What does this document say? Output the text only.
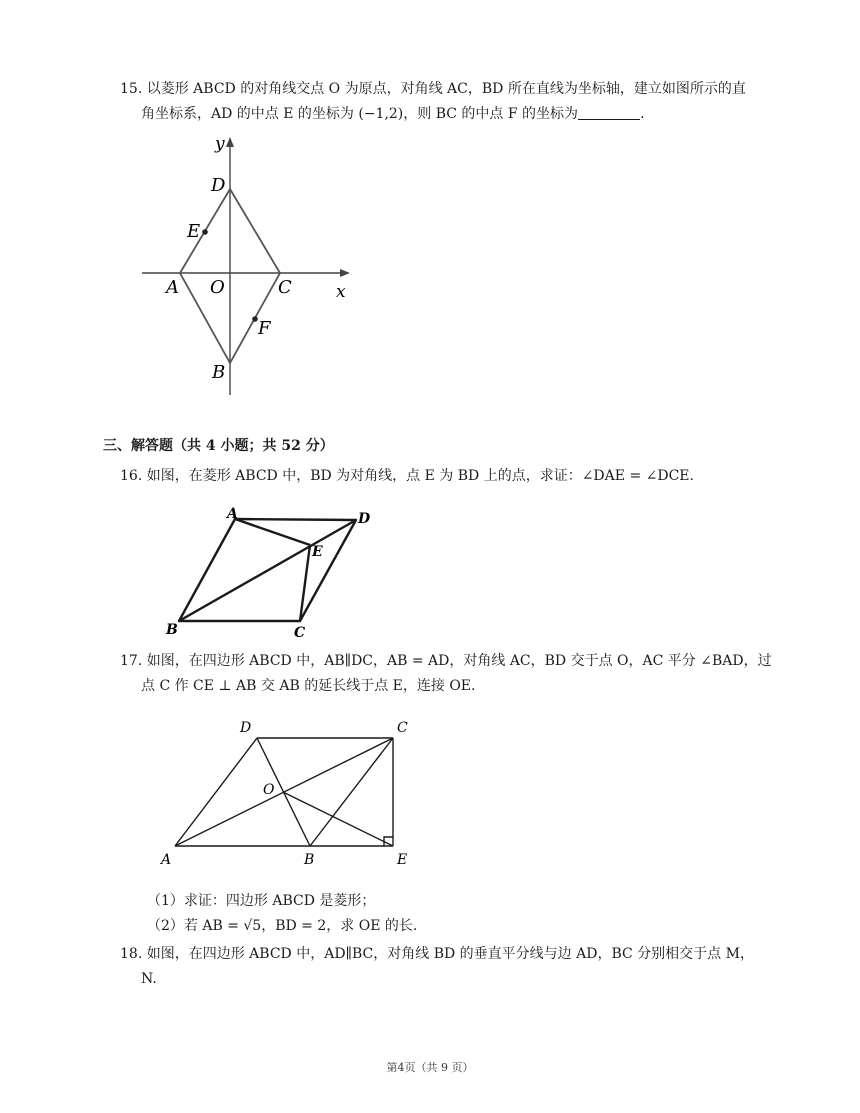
15. 以菱形 ABCD 的对角线交点 O 为原点，对角线 AC，BD 所在直线为坐标轴，建立如图所示的直
角坐标系，AD 的中点 E 的坐标为 (−1,2)，则 BC 的中点 F 的坐标为	.
y
x
D
E
A O	C
F
B
三、解答题（共 4 小题；共 52 分）
16. 如图，在菱形 ABCD 中，BD 为对角线，点 E 为 BD 上的点，求证：∠DAE = ∠DCE.
A	D
E
B	C
17. 如图，在四边形 ABCD 中，AB∥DC，AB = AD，对角线 AC，BD 交于点 O，AC 平分 ∠BAD，过
点 C 作 CE ⊥ AB 交 AB 的延长线于点 E，连接 OE.
D	C
O
A	B	E
（1）求证：四边形 ABCD 是菱形；
（2）若 AB = √5，BD = 2，求 OE 的长.
18. 如图，在四边形 ABCD 中，AD∥BC，对角线 BD 的垂直平分线与边 AD，BC 分别相交于点 M，
N.
第4页（共 9 页）
